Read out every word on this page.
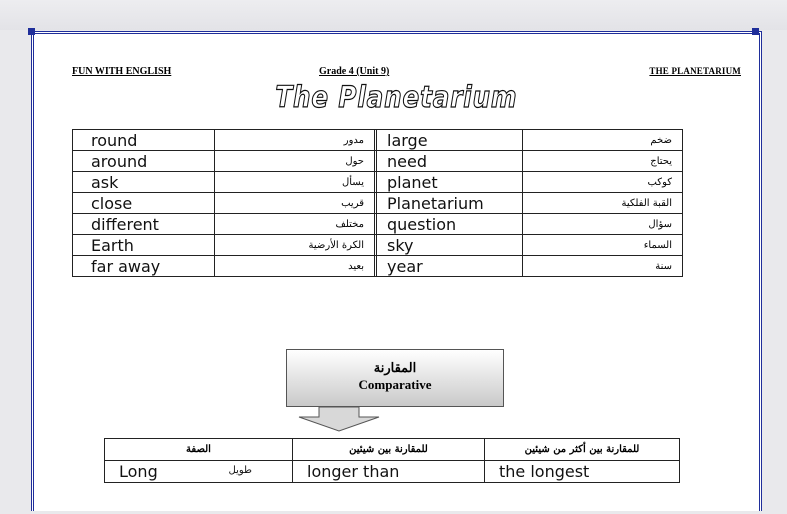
FUN WITH ENGLISH	Grade 4 (Unit 9)	THE PLANETARIUM
The Planetarium
round	مدور		large	ضخم
around	حول		need	يحتاج
ask	يسأل		planet	كوكب
close	قريب		Planetarium	القبة الفلكية
different	مختلف		question	سؤال
Earth	الكرة الأرضية		sky	السماء
far away	بعيد		year	سنة
المقارنة
Comparative
الصفة	للمقارنة بين شيئين	للمقارنة بين أكثر من شيئين
Long طويل	longer than	the longest
